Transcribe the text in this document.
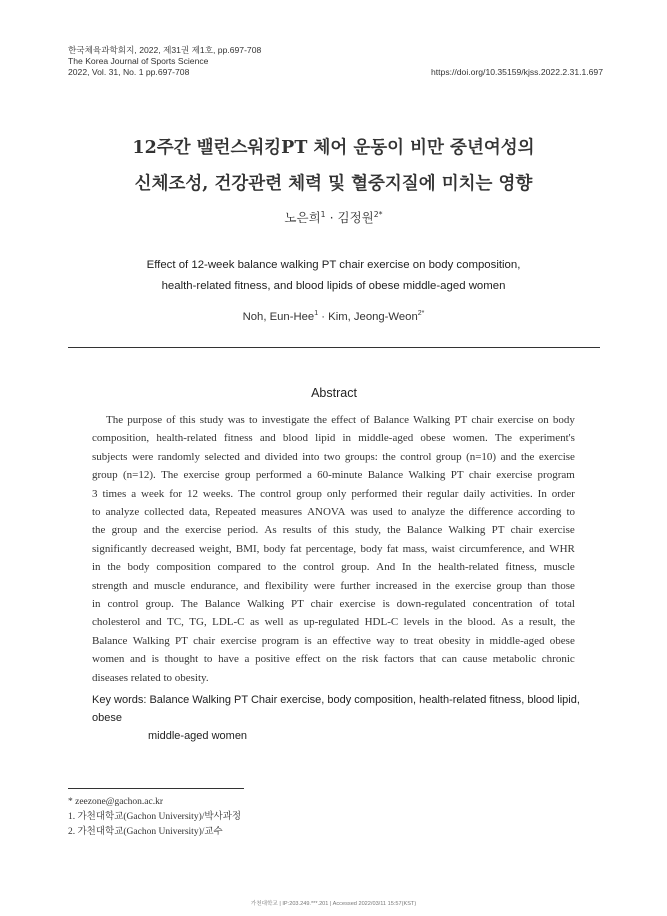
한국체육과학회지, 2022, 제31권 제1호, pp.697-708
The Korea Journal of Sports Science
2022, Vol. 31, No. 1 pp.697-708	https://doi.org/10.35159/kjss.2022.2.31.1.697
12주간 밸런스워킹PT 체어 운동이 비만 중년여성의
신체조성, 건강관련 체력 및 혈중지질에 미치는 영향
노은희$^1$ · 김정원$^{2*}$
Effect of 12-week balance walking PT chair exercise on body composition,
health-related fitness, and blood lipids of obese middle-aged women
Noh, Eun-Hee$^1$ · Kim, Jeong-Weon$^{2*}$
Abstract
The purpose of this study was to investigate the effect of Balance Walking PT chair exercise on body
composition, health-related fitness and blood lipid in middle-aged obese women. The experiment's
subjects were randomly selected and divided into two groups: the control group (n=10) and the exercise
group (n=12). The exercise group performed a 60-minute Balance Walking PT chair exercise program
3 times a week for 12 weeks. The control group only performed their regular daily activities. In order
to analyze collected data, Repeated measures ANOVA was used to analyze the difference according to
the group and the exercise period. As results of this study, the Balance Walking PT chair exercise
significantly decreased weight, BMI, body fat percentage, body fat mass, waist circumference, and WHR
in the body composition compared to the control group. And In the health-related fitness, muscle
strength and muscle endurance, and flexibility were further increased in the exercise group than those
in control group. The Balance Walking PT chair exercise is down-regulated concentration of total
cholesterol and TC, TG, LDL-C as well as up-regulated HDL-C levels in the blood. As a result, the
Balance Walking PT chair exercise program is an effective way to treat obesity in middle-aged obese
women and is thought to have a positive effect on the risk factors that can cause metabolic chronic
diseases related to obesity.
Key words: Balance Walking PT Chair exercise, body composition, health-related fitness, blood lipid, obese
middle-aged women
* zeezone@gachon.ac.kr
1. 가천대학교(Gachon University)/박사과정
2. 가천대학교(Gachon University)/교수
가천대학교 | IP:203.249.***.201 | Accessed 2022/03/11 15:57(KST)
